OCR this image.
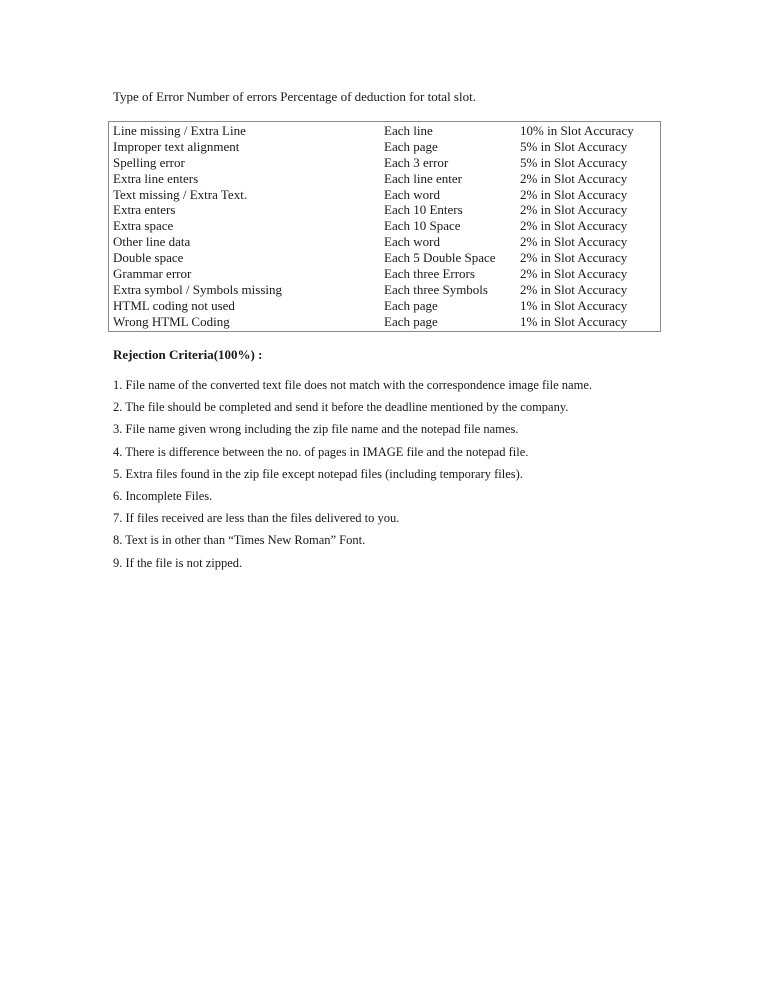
Type of Error Number of errors Percentage of deduction for total slot.
Line missing / Extra Line	Each line	10% in Slot Accuracy
Improper text alignment	Each page	5% in Slot Accuracy
Spelling error	Each 3 error	5% in Slot Accuracy
Extra line enters	Each line enter	2% in Slot Accuracy
Text missing / Extra Text.	Each word	2% in Slot Accuracy
Extra enters	Each 10 Enters	2% in Slot Accuracy
Extra space	Each 10 Space	2% in Slot Accuracy
Other line data	Each word	2% in Slot Accuracy
Double space	Each 5 Double Space 2% in Slot Accuracy
Grammar error	Each three Errors	2% in Slot Accuracy
Extra symbol / Symbols missing	Each three Symbols 2% in Slot Accuracy
HTML coding not used	Each page	1% in Slot Accuracy
Wrong HTML Coding	Each page	1% in Slot Accuracy
Rejection Criteria(100%) :
1. File name of the converted text file does not match with the correspondence image file name.
2. The file should be completed and send it before the deadline mentioned by the company.
3. File name given wrong including the zip file name and the notepad file names.
4. There is difference between the no. of pages in IMAGE file and the notepad file.
5. Extra files found in the zip file except notepad files (including temporary files).
6. Incomplete Files.
7. If files received are less than the files delivered to you.
8. Text is in other than “Times New Roman” Font.
9. If the file is not zipped.
